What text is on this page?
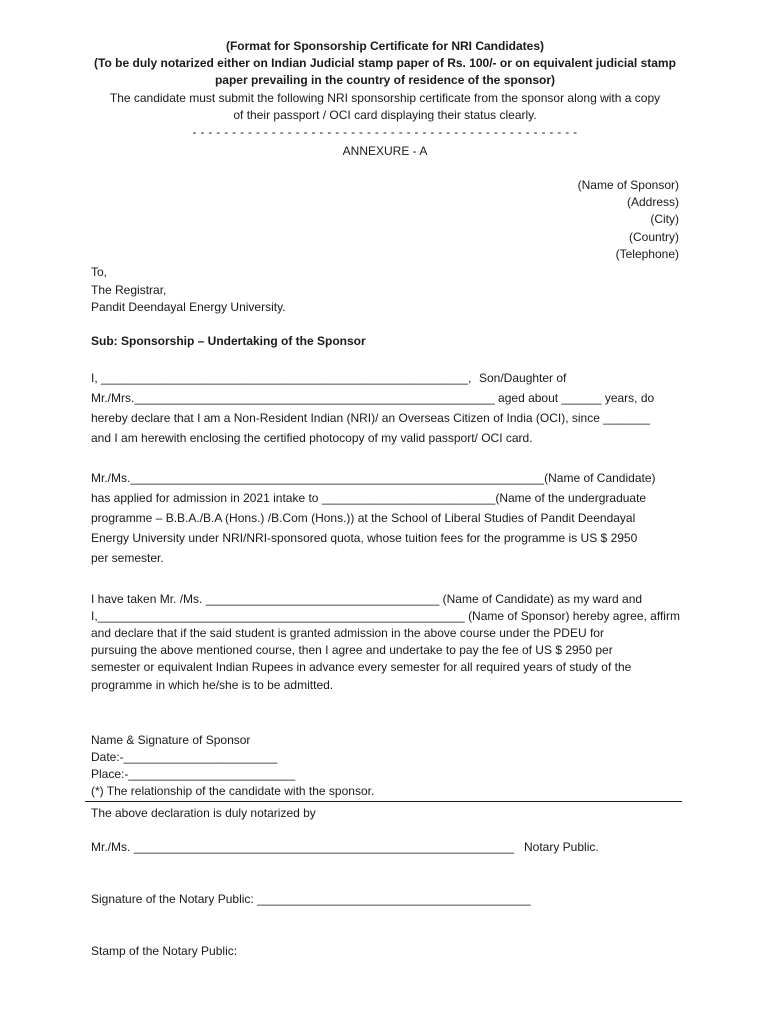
(Format for Sponsorship Certificate for NRI Candidates)
(To be duly notarized either on Indian Judicial stamp paper of Rs. 100/- or on equivalent judicial stamp
paper prevailing in the country of residence of the sponsor)
The candidate must submit the following NRI sponsorship certificate from the sponsor along with a copy
of their passport / OCI card displaying their status clearly.
- - - - - - - - - - - - - - - - - - - - - - - - - - - - - - - - - - - - - - - - - - - - - - - - -
ANNEXURE - A
(Name of Sponsor)
(Address)
(City)
(Country)
(Telephone)
To,
The Registrar,
Pandit Deendayal Energy University.
Sub: Sponsorship – Undertaking of the Sponsor
I, _______________________________________________________, Son/Daughter of
Mr./Mrs.______________________________________________________ aged about ______ years, do
hereby declare that I am a Non-Resident Indian (NRI)/ an Overseas Citizen of India (OCI), since _______
and I am herewith enclosing the certified photocopy of my valid passport/ OCI card.
Mr./Ms.______________________________________________________________(Name of Candidate)
has applied for admission in 2021 intake to __________________________(Name of the undergraduate
programme – B.B.A./B.A (Hons.) /B.Com (Hons.)) at the School of Liberal Studies of Pandit Deendayal
Energy University under NRI/NRI-sponsored quota, whose tuition fees for the programme is US $ 2950
per semester.
I have taken Mr. /Ms. ___________________________________ (Name of Candidate) as my ward and
I,_______________________________________________________ (Name of Sponsor) hereby agree, affirm
and declare that if the said student is granted admission in the above course under the PDEU for
pursuing the above mentioned course, then I agree and undertake to pay the fee of US $ 2950 per
semester or equivalent Indian Rupees in advance every semester for all required years of study of the
programme in which he/she is to be admitted.
Name & Signature of Sponsor
Date:-_______________________
Place:-_________________________
(*) The relationship of the candidate with the sponsor.
The above declaration is duly notarized by
Mr./Ms. _________________________________________________________ Notary Public.
Signature of the Notary Public: _________________________________________
Stamp of the Notary Public:
